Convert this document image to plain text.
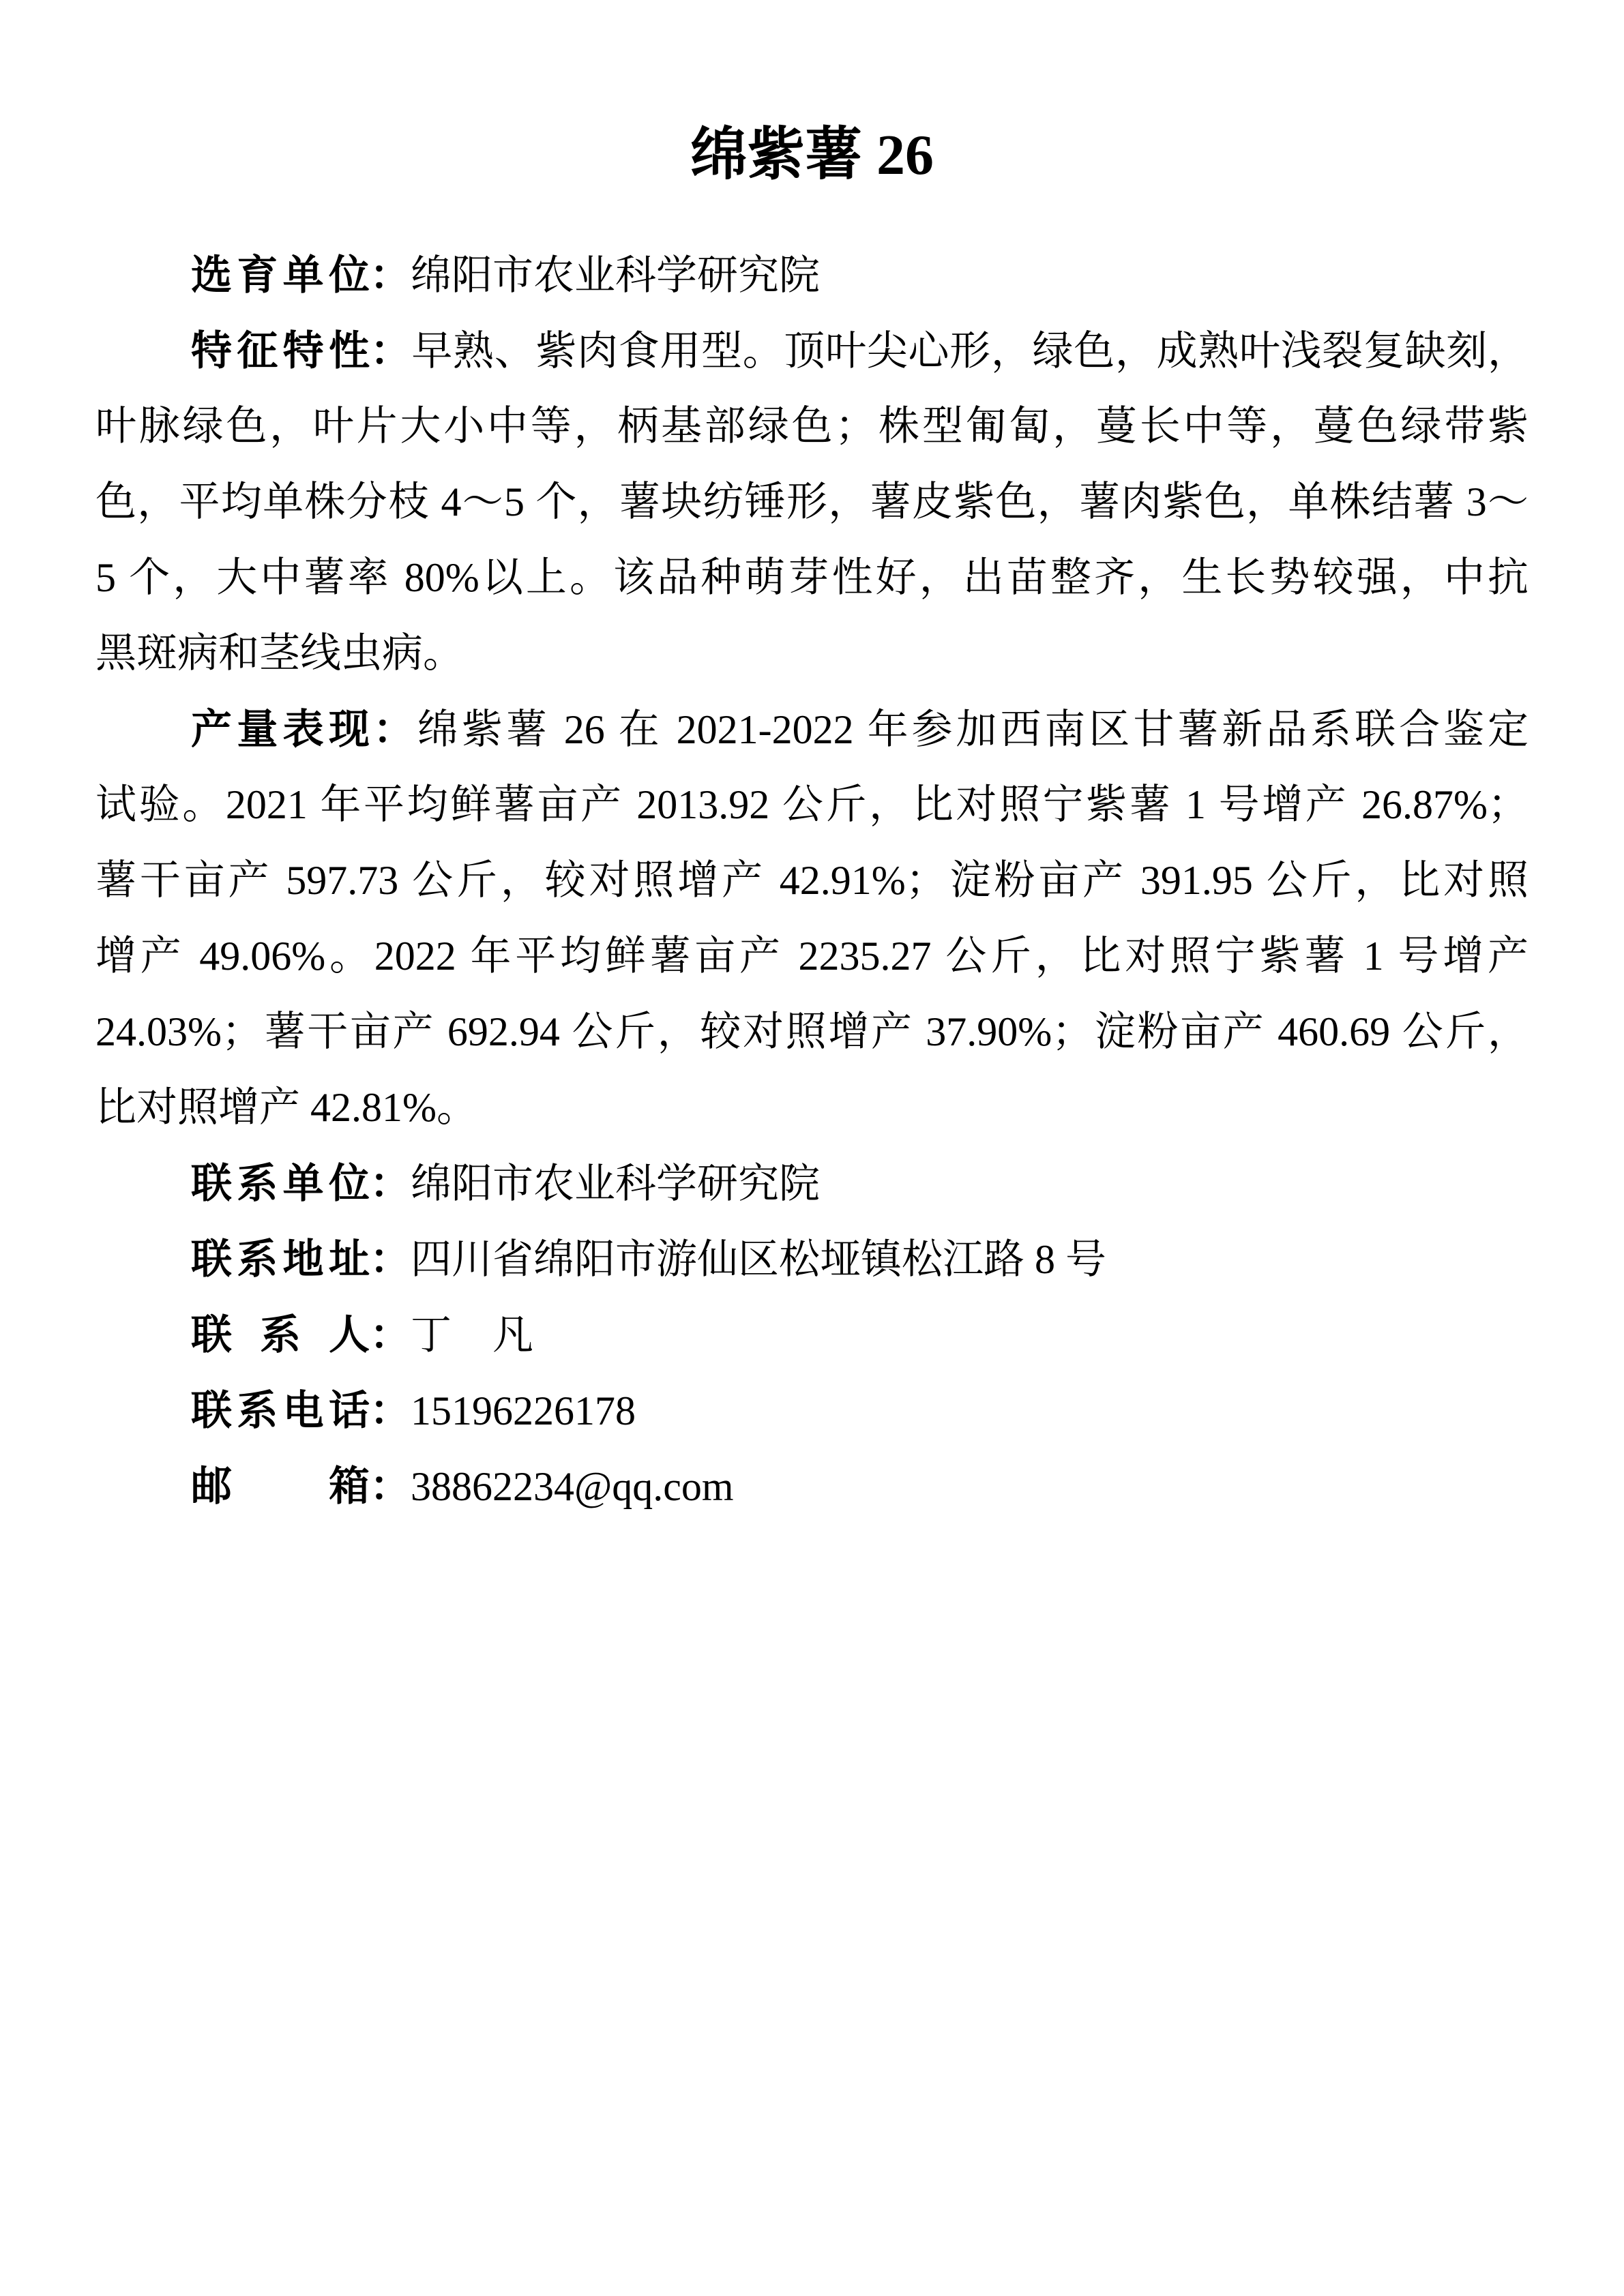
绵紫薯 26
选育单位：绵阳市农业科学研究院
特征特性：早熟、紫肉食用型。顶叶尖心形，绿色，成熟叶浅裂复缺刻，
叶脉绿色，叶片大小中等，柄基部绿色；株型匍匐，蔓长中等，蔓色绿带紫
色，平均单株分枝 4～5 个，薯块纺锤形，薯皮紫色，薯肉紫色，单株结薯 3～
5 个，大中薯率 80%以上。该品种萌芽性好，出苗整齐，生长势较强，中抗
黑斑病和茎线虫病。
产量表现：绵紫薯 26 在 2021-2022 年参加西南区甘薯新品系联合鉴定
试验。2021 年平均鲜薯亩产 2013.92 公斤，比对照宁紫薯 1 号增产 26.87%；
薯干亩产 597.73 公斤，较对照增产 42.91%；淀粉亩产 391.95 公斤，比对照
增产 49.06%。2022 年平均鲜薯亩产 2235.27 公斤，比对照宁紫薯 1 号增产
24.03%；薯干亩产 692.94 公斤，较对照增产 37.90%；淀粉亩产 460.69 公斤，
比对照增产 42.81%。
联系单位：绵阳市农业科学研究院
联系地址：四川省绵阳市游仙区松垭镇松江路 8 号
联系人：丁　凡
联系电话：15196226178
邮箱：38862234@qq.com
